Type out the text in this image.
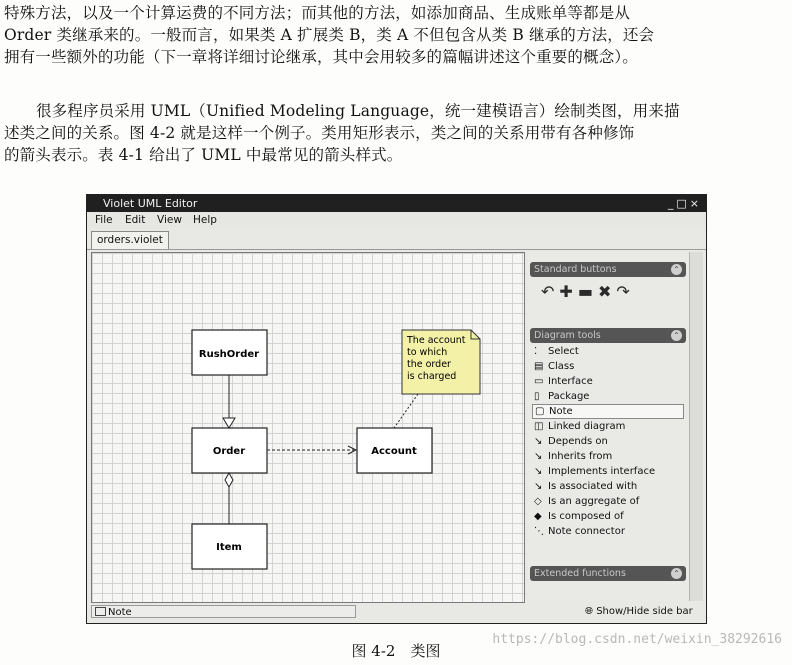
特殊方法，以及一个计算运费的不同方法；而其他的方法，如添加商品、生成账单等都是从
Order 类继承来的。一般而言，如果类 A 扩展类 B，类 A 不但包含从类 B 继承的方法，还会
拥有一些额外的功能（下一章将详细讨论继承，其中会用较多的篇幅讲述这个重要的概念）。
很多程序员采用 UML（Unified Modeling Language，统一建模语言）绘制类图，用来描
述类之间的关系。图 4-2 就是这样一个例子。类用矩形表示，类之间的关系用带有各种修饰
的箭头表示。表 4-1 给出了 UML 中最常见的箭头样式。
Violet UML Editor	_□×
File Edit View Help
orders.violet
RushOrder
Order	Account
Item
The account
to which
the order
is charged
Standard buttons	⌃
↶✚▬✖↷
Diagram tools	⌃
⁚ Select
▤ Class
▭ Interface
▯ Package
▢ Note
◫ Linked diagram
↘ Depends on
↘ Inherits from
↘ Implements interface
↘ Is associated with
◇ Is an aggregate of
◆ Is composed of
⋱ Note connector
Extended functions	⌃
Note	🌐︎ Show/Hide side bar
https://blog.csdn.net/weixin_38292616
图 4-2　类图
